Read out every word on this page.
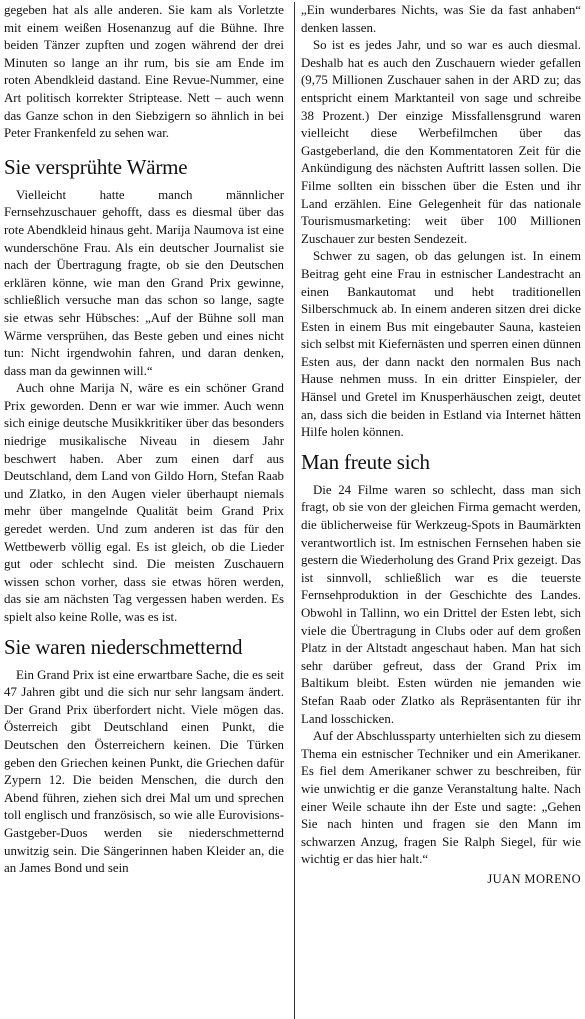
gegeben hat als alle anderen. Sie kam als Vorletzte mit einem weißen Hosenanzug auf die Bühne. Ihre beiden Tänzer zupften und zogen während der drei Minuten so lange an ihr rum, bis sie am Ende im roten Abendkleid dastand. Eine Revue-Nummer, eine Art politisch korrekter Striptease. Nett – auch wenn das Ganze schon in den Siebzigern so ähnlich in bei Peter Frankenfeld zu sehen war.

Sie versprühte Wärme

Vielleicht hatte manch männlicher Fernsehzuschauer gehofft, dass es diesmal über das rote Abendkleid hinaus geht. Marija Naumova ist eine wunderschöne Frau. Als ein deutscher Journalist sie nach der Übertragung fragte, ob sie den Deutschen erklären könne, wie man den Grand Prix gewinne, schließlich versuche man das schon so lange, sagte sie etwas sehr Hübsches: „Auf der Bühne soll man Wärme versprühen, das Beste geben und eines nicht tun: Nicht irgendwohin fahren, und daran denken, dass man da gewinnen will.“

Auch ohne Marija N, wäre es ein schöner Grand Prix geworden. Denn er war wie immer. Auch wenn sich einige deutsche Musikkritiker über das besonders niedrige musikalische Niveau in diesem Jahr beschwert haben. Aber zum einen darf aus Deutschland, dem Land von Gildo Horn, Stefan Raab und Zlatko, in den Augen vieler überhaupt niemals mehr über mangelnde Qualität beim Grand Prix geredet werden. Und zum anderen ist das für den Wettbewerb völlig egal. Es ist gleich, ob die Lieder gut oder schlecht sind. Die meisten Zuschauern wissen schon vorher, dass sie etwas hören werden, das sie am nächsten Tag vergessen haben werden. Es spielt also keine Rolle, was es ist.

Sie waren niederschmetternd

Ein Grand Prix ist eine erwartbare Sache, die es seit 47 Jahren gibt und die sich nur sehr langsam ändert. Der Grand Prix überfordert nicht. Viele mögen das. Österreich gibt Deutschland einen Punkt, die Deutschen den Österreichern keinen. Die Türken geben den Griechen keinen Punkt, die Griechen dafür Zypern 12. Die beiden Menschen, die durch den Abend führen, ziehen sich drei Mal um und sprechen toll englisch und französisch, so wie alle Eurovisions-Gastgeber-Duos werden sie niederschmetternd unwitzig sein. Die Sängerinnen haben Kleider an, die an James Bond und sein

„Ein wunderbares Nichts, was Sie da fast anhaben“ denken lassen.

So ist es jedes Jahr, und so war es auch diesmal. Deshalb hat es auch den Zuschauern wieder gefallen (9,75 Millionen Zuschauer sahen in der ARD zu; das entspricht einem Marktanteil von sage und schreibe 38 Prozent.) Der einzige Missfallensgrund waren vielleicht diese Werbefilmchen über das Gastgeberland, die den Kommentatoren Zeit für die Ankündigung des nächsten Auftritt lassen sollen. Die Filme sollten ein bisschen über die Esten und ihr Land erzählen. Eine Gelegenheit für das nationale Tourismusmarketing: weit über 100 Millionen Zuschauer zur besten Sendezeit.

Schwer zu sagen, ob das gelungen ist. In einem Beitrag geht eine Frau in estnischer Landestracht an einen Bankautomat und hebt traditionellen Silberschmuck ab. In einem anderen sitzen drei dicke Esten in einem Bus mit eingebauter Sauna, kasteien sich selbst mit Kiefernästen und sperren einen dünnen Esten aus, der dann nackt den normalen Bus nach Hause nehmen muss. In ein dritter Einspieler, der Hänsel und Gretel im Knusperhäuschen zeigt, deutet an, dass sich die beiden in Estland via Internet hätten Hilfe holen können.

Man freute sich

Die 24 Filme waren so schlecht, dass man sich fragt, ob sie von der gleichen Firma gemacht werden, die üblicherweise für Werkzeug-Spots in Baumärkten verantwortlich ist. Im estnischen Fernsehen haben sie gestern die Wiederholung des Grand Prix gezeigt. Das ist sinnvoll, schließlich war es die teuerste Fernsehproduktion in der Geschichte des Landes. Obwohl in Tallinn, wo ein Drittel der Esten lebt, sich viele die Übertragung in Clubs oder auf dem großen Platz in der Altstadt angeschaut haben. Man hat sich sehr darüber gefreut, dass der Grand Prix im Baltikum bleibt. Esten würden nie jemanden wie Stefan Raab oder Zlatko als Repräsentanten für ihr Land losschicken.

Auf der Abschlussparty unterhielten sich zu diesem Thema ein estnischer Techniker und ein Amerikaner. Es fiel dem Amerikaner schwer zu beschreiben, für wie unwichtig er die ganze Veranstaltung halte. Nach einer Weile schaute ihn der Este und sagte: „Gehen Sie nach hinten und fragen sie den Mann im schwarzen Anzug, fragen Sie Ralph Siegel, für wie wichtig er das hier halt.“

JUAN MORENO
